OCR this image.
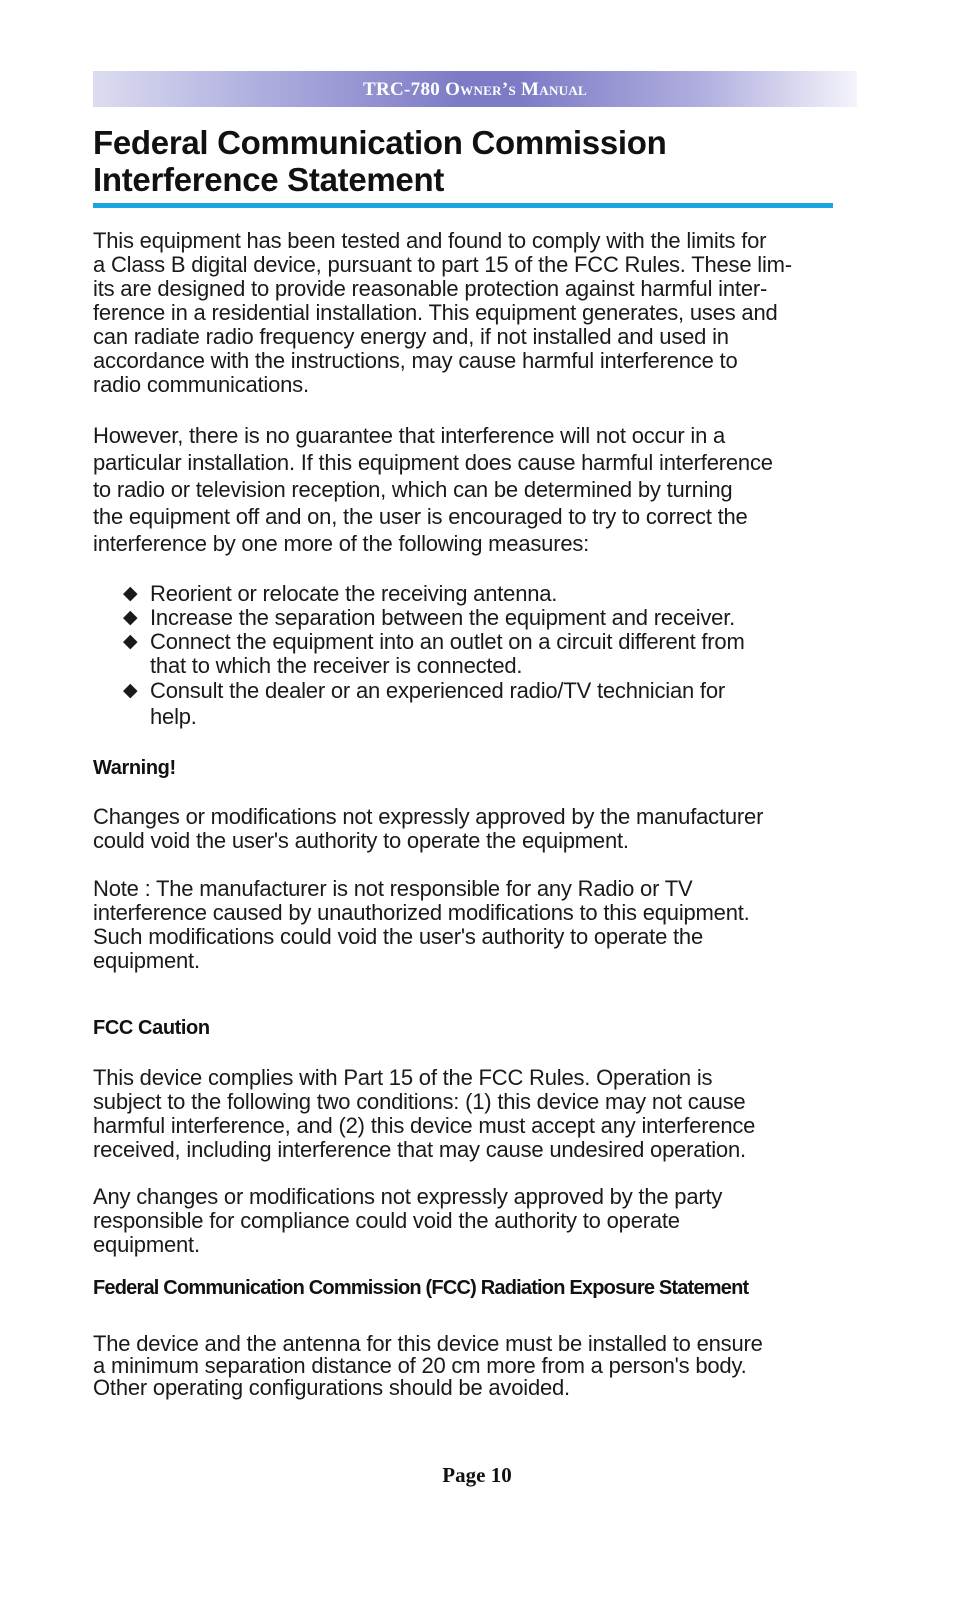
TRC-780 Owner’s Manual
Federal Communication Commission
Interference Statement

This equipment has been tested and found to comply with the limits for
a Class B digital device, pursuant to part 15 of the FCC Rules. These lim-
its are designed to provide reasonable protection against harmful inter-
ference in a residential installation. This equipment generates, uses and
can radiate radio frequency energy and, if not installed and used in
accordance with the instructions, may cause harmful interference to
radio communications.

However, there is no guarantee that interference will not occur in a
particular installation. If this equipment does cause harmful interference
to radio or television reception, which can be determined by turning
the equipment off and on, the user is encouraged to try to correct the
interference by one more of the following measures:

◆ Reorient or relocate the receiving antenna.
◆ Increase the separation between the equipment and receiver.
◆ Connect the equipment into an outlet on a circuit different from
that to which the receiver is connected.
◆ Consult the dealer or an experienced radio/TV technician for
help.
Warning!

Changes or modifications not expressly approved by the manufacturer
could void the user's authority to operate the equipment.

Note : The manufacturer is not responsible for any Radio or TV
interference caused by unauthorized modifications to this equipment.
Such modifications could void the user's authority to operate the
equipment.

FCC Caution

This device complies with Part 15 of the FCC Rules. Operation is
subject to the following two conditions: (1) this device may not cause
harmful interference, and (2) this device must accept any interference
received, including interference that may cause undesired operation.

Any changes or modifications not expressly approved by the party
responsible for compliance could void the authority to operate
equipment.

Federal Communication Commission (FCC) Radiation Exposure Statement

The device and the antenna for this device must be installed to ensure
a minimum separation distance of 20 cm more from a person's body.
Other operating configurations should be avoided.

Page 10
